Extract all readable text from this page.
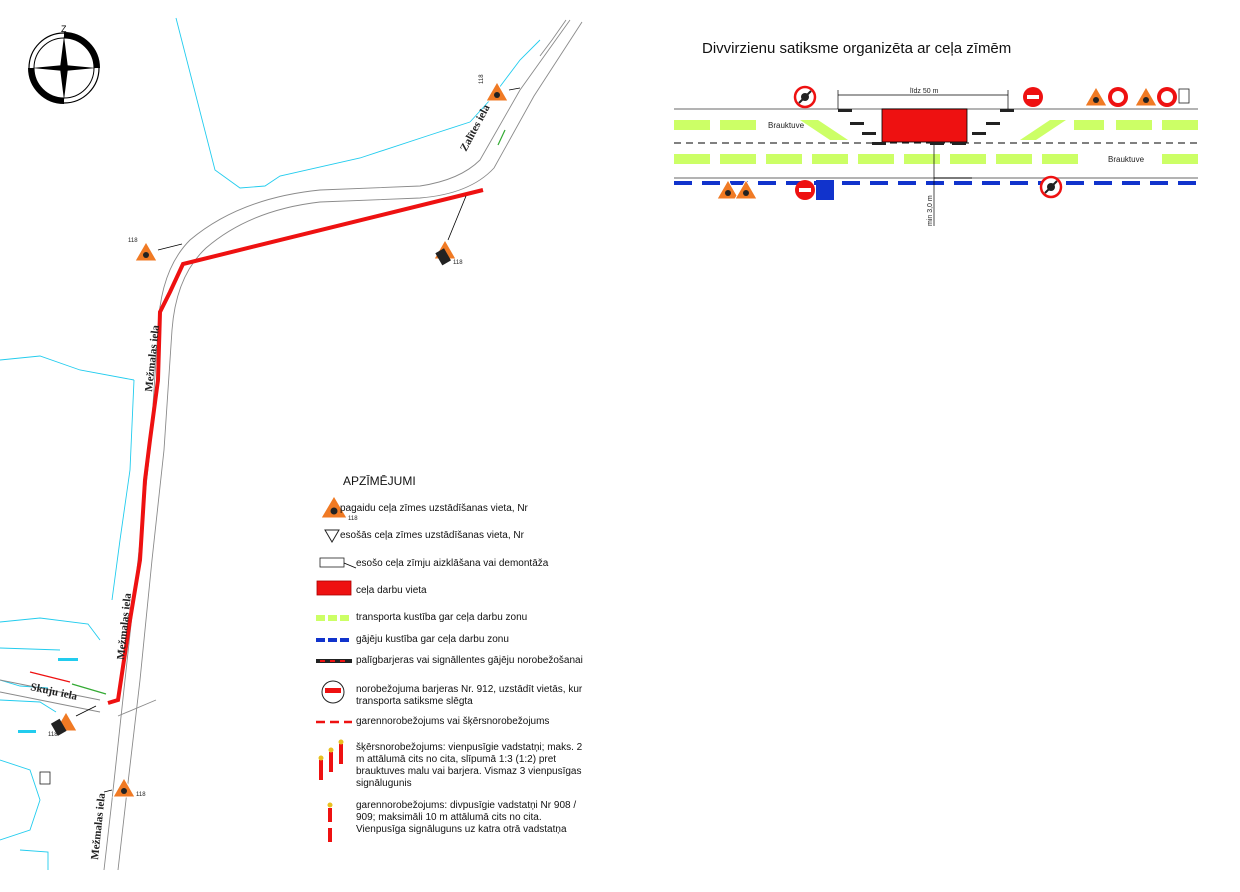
Zalītes iela
Mežmalas iela
Mežmalas iela
Mežmalas iela
Skuju iela
Z
118
118
118
118
118
līdz 50 m
min 3,0 m
Brauktuve
Brauktuve
118
Divvirzienu satiksme organizēta ar ceļa zīmēm
APZĪMĒJUMI
pagaidu ceļa zīmes uzstādīšanas vieta, Nr
esošās ceļa zīmes uzstādīšanas vieta, Nr
esošo ceļa zīmju aizklāšana vai demontāža
ceļa darbu vieta
transporta kustība gar ceļa darbu zonu
gājēju kustība gar ceļa darbu zonu
palīgbarjeras vai signāllentes gājēju norobežošanai
norobežojuma barjeras Nr. 912, uzstādīt vietās, kur transporta satiksme slēgta
garennorobežojums vai šķērsnorobežojums
šķērsnorobežojums: vienpusīgie vadstatņi; maks. 2 m attālumā cits no cita, slīpumā 1:3 (1:2) pret brauktuves malu vai barjera. Vismaz 3 vienpusīgas signālugunis
garennorobežojums: divpusīgie vadstatņi Nr 908 / 909; maksimāli 10 m attālumā cits no cita. Vienpusīga signāluguns uz katra otrā vadstatņa
